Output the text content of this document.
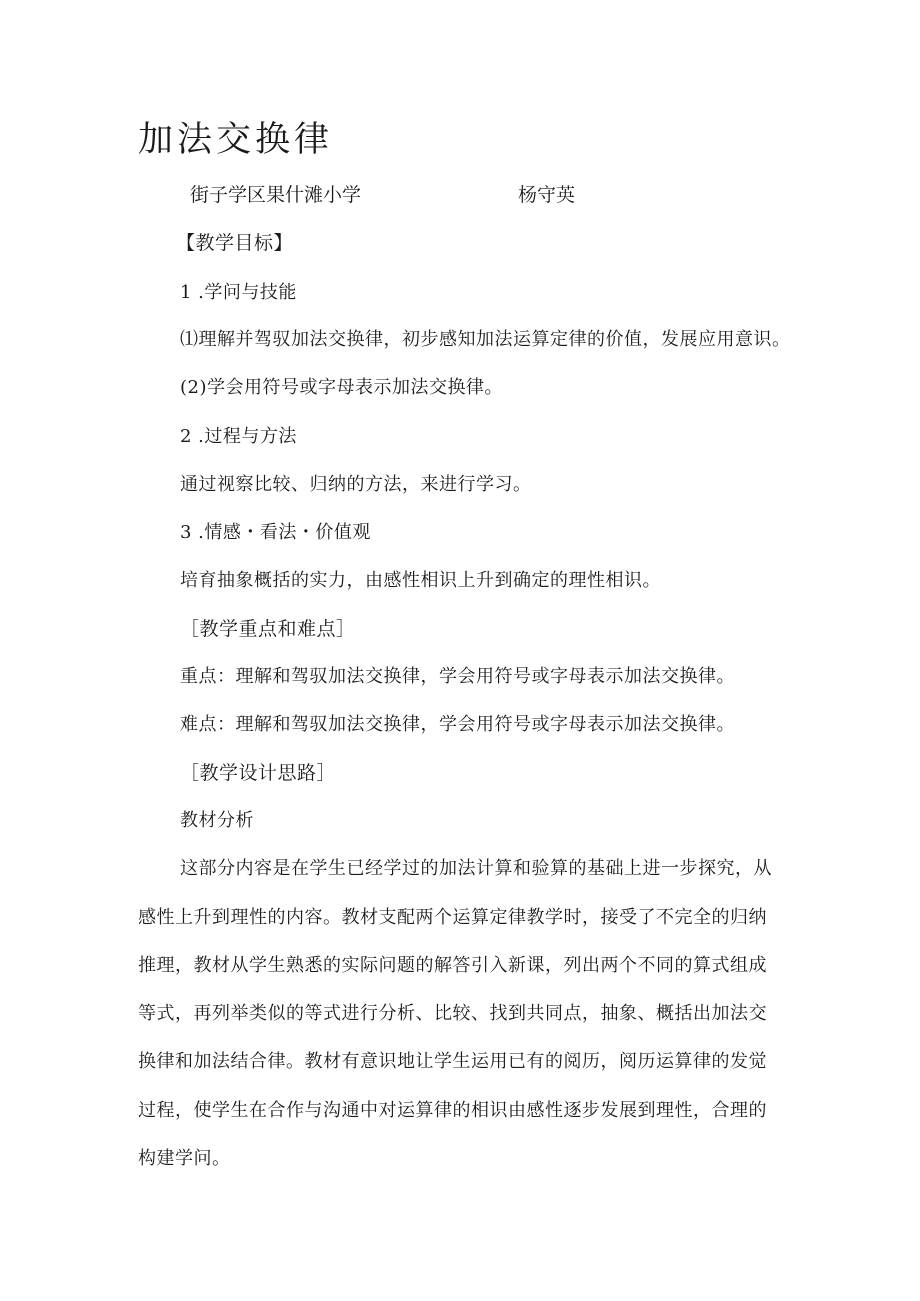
加法交换律
街子学区果什滩小学	杨守英
【教学目标】
1 .学问与技能
⑴理解并驾驭加法交换律，初步感知加法运算定律的价值，发展应用意识。
(2)学会用符号或字母表示加法交换律。
2 .过程与方法
通过视察比较、归纳的方法，来进行学习。
3 .情感・看法・价值观
培育抽象概括的实力，由感性相识上升到确定的理性相识。
［教学重点和难点］
重点：理解和驾驭加法交换律，学会用符号或字母表示加法交换律。
难点：理解和驾驭加法交换律，学会用符号或字母表示加法交换律。
［教学设计思路］
教材分析
这部分内容是在学生已经学过的加法计算和验算的基础上进一步探究，从
感性上升到理性的内容。教材支配两个运算定律教学时，接受了不完全的归纳
推理，教材从学生熟悉的实际问题的解答引入新课，列出两个不同的算式组成
等式，再列举类似的等式进行分析、比较、找到共同点，抽象、概括出加法交
换律和加法结合律。教材有意识地让学生运用已有的阅历，阅历运算律的发觉
过程，使学生在合作与沟通中对运算律的相识由感性逐步发展到理性，合理的
构建学问。
